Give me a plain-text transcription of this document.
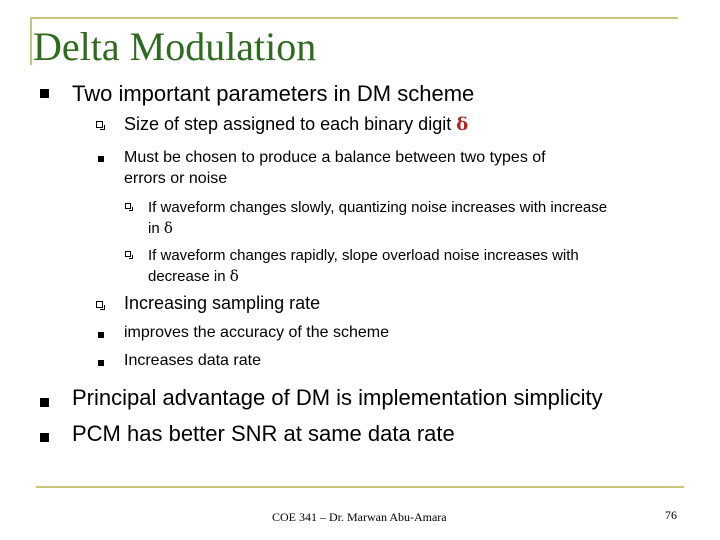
Delta Modulation
Two important parameters in DM scheme
Size of step assigned to each binary digit δ
Must be chosen to produce a balance between two types of
errors or noise
If waveform changes slowly, quantizing noise increases with increase
in δ
If waveform changes rapidly, slope overload noise increases with
decrease in δ
Increasing sampling rate
improves the accuracy of the scheme
Increases data rate
Principal advantage of DM is implementation simplicity
PCM has better SNR at same data rate
COE 341 – Dr. Marwan Abu-Amara	76
